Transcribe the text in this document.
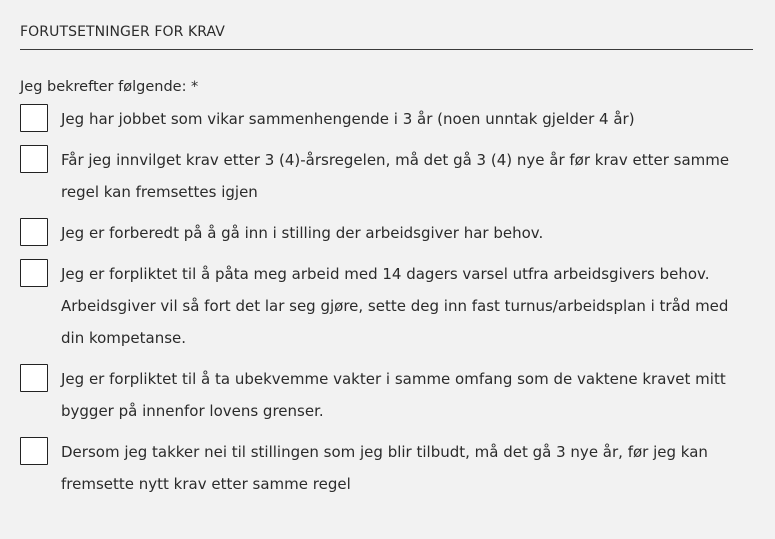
FORUTSETNINGER FOR KRAV
Jeg bekrefter følgende: *
Jeg har jobbet som vikar sammenhengende i 3 år (noen unntak gjelder 4 år)
Får jeg innvilget krav etter 3 (4)-årsregelen, må det gå 3 (4) nye år før krav etter samme regel kan fremsettes igjen
Jeg er forberedt på å gå inn i stilling der arbeidsgiver har behov.
Jeg er forpliktet til å påta meg arbeid med 14 dagers varsel utfra arbeidsgivers behov. Arbeidsgiver vil så fort det lar seg gjøre, sette deg inn fast turnus/arbeidsplan i tråd med din kompetanse.
Jeg er forpliktet til å ta ubekvemme vakter i samme omfang som de vaktene kravet mitt bygger på innenfor lovens grenser.
Dersom jeg takker nei til stillingen som jeg blir tilbudt, må det gå 3 nye år, før jeg kan fremsette nytt krav etter samme regel
